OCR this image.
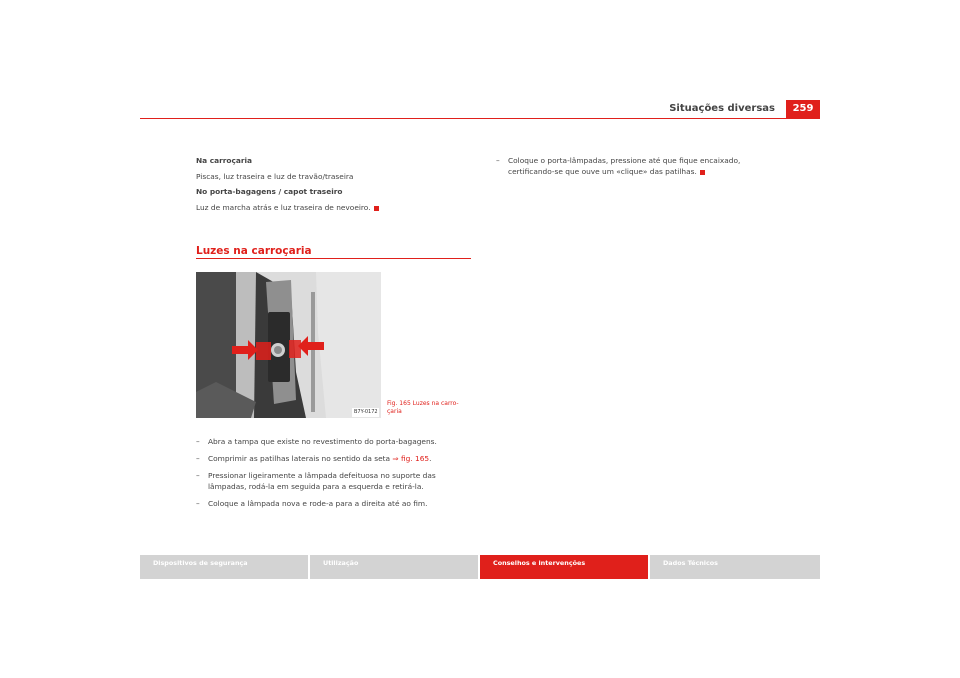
Situações diversas	259

Na carroçaria

Piscas, luz traseira e luz de travão/traseira

No porta-bagagens / capot traseiro

Luz de marcha atrás e luz traseira de nevoeiro.

Luzes na carroçaria
B7Y-0172
Fig. 165 Luzes na carro-
çaria
– Abra a tampa que existe no revestimento do porta-bagagens.
– Comprimir as patilhas laterais no sentido da seta ⇒ fig. 165.
– Pressionar ligeiramente a lâmpada defeituosa no suporte das lâmpadas, rodá-la em seguida para a esquerda e retirá-la.
– Coloque a lâmpada nova e rode-a para a direita até ao fim.
– Coloque o porta-lâmpadas, pressione até que fique encaixado, certificando-se que ouve um «clique» das patilhas.
Dispositivos de segurança	Utilização	Conselhos e intervenções	Dados Técnicos
